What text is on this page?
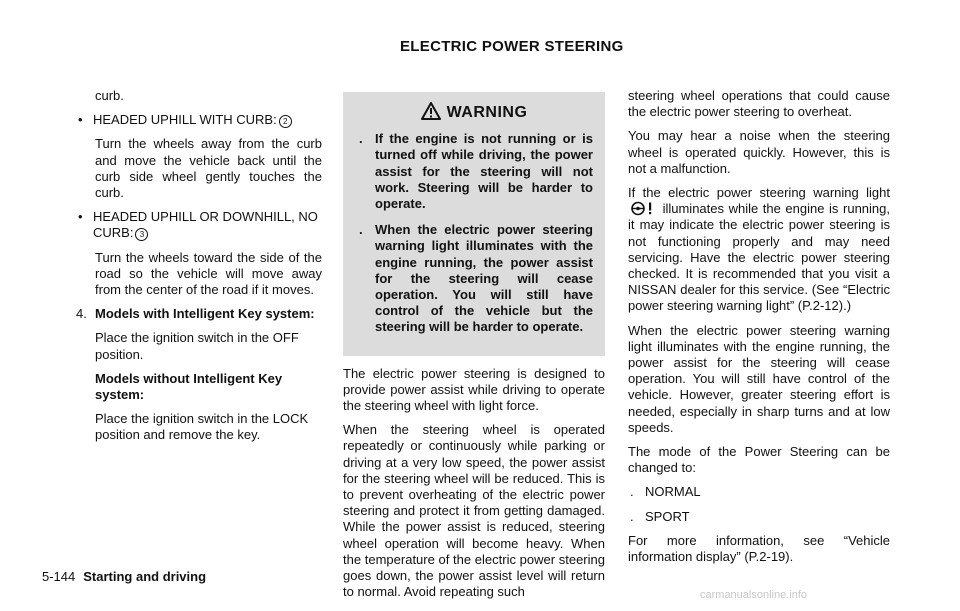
ELECTRIC POWER STEERING

curb.

• HEADED UPHILL WITH CURB: 2

Turn the wheels away from the curb and move the vehicle back until the curb side wheel gently touches the curb.

• HEADED UPHILL OR DOWNHILL, NO CURB: 3

Turn the wheels toward the side of the road so the vehicle will move away from the center of the road if it moves.

4. Models with Intelligent Key system:

Place the ignition switch in the OFF position.

Models without Intelligent Key system:

Place the ignition switch in the LOCK position and remove the key.

WARNING
. If the engine is not running or is turned off while driving, the power assist for the steering will not work. Steering will be harder to operate.
. When the electric power steering warning light illuminates with the engine running, the power assist for the steering will cease operation. You will still have control of the vehicle but the steering will be harder to operate.

The electric power steering is designed to provide power assist while driving to operate the steering wheel with light force.

When the steering wheel is operated repeatedly or continuously while parking or driving at a very low speed, the power assist for the steering wheel will be reduced. This is to prevent overheating of the electric power steering and protect it from getting damaged. While the power assist is reduced, steering wheel operation will become heavy. When the temperature of the electric power steering goes down, the power assist level will return to normal. Avoid repeating such

steering wheel operations that could cause the electric power steering to overheat.

You may hear a noise when the steering wheel is operated quickly. However, this is not a malfunction.

If the electric power steering warning light  illuminates while the engine is running, it may indicate the electric power steering is not functioning properly and may need servicing. Have the electric power steering checked. It is recommended that you visit a NISSAN dealer for this service. (See “Electric power steering warning light” (P.2-12).)

When the electric power steering warning light illuminates with the engine running, the power assist for the steering will cease operation. You will still have control of the vehicle. However, greater steering effort is needed, especially in sharp turns and at low speeds.

The mode of the Power Steering can be changed to:

. NORMAL
. SPORT

For more information, see “Vehicle information display” (P.2-19).

5-144 Starting and driving
carmanualsonline.info
